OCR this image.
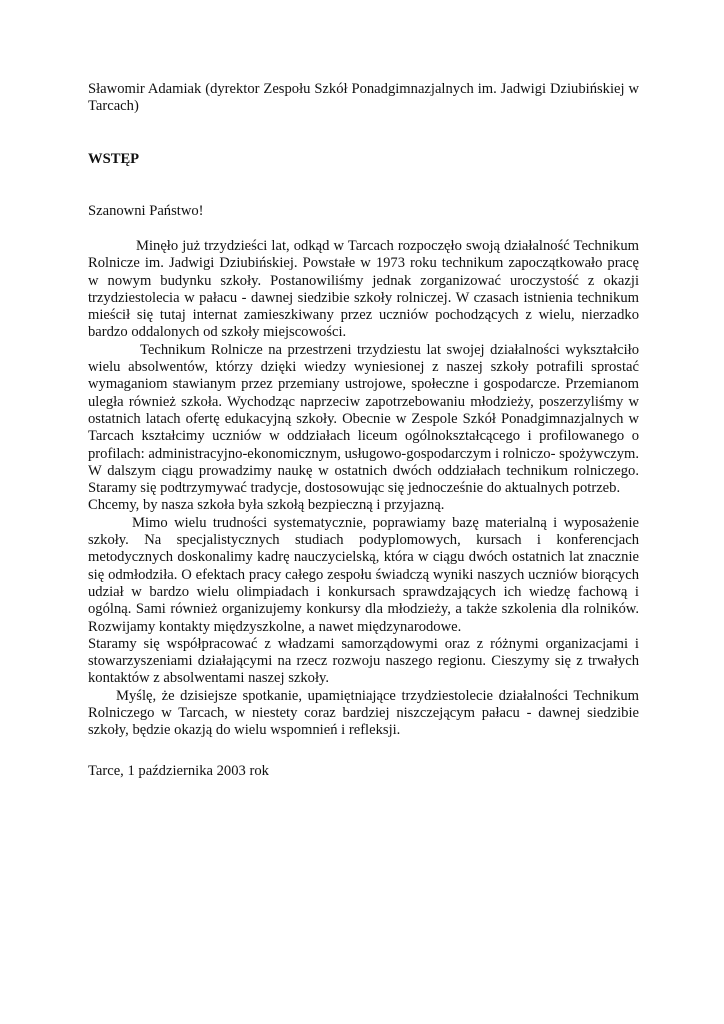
Sławomir Adamiak (dyrektor Zespołu Szkół Ponadgimnazjalnych im. Jadwigi Dziubińskiej w Tarcach)

WSTĘP

Szanowni Państwo!

Minęło już trzydzieści lat, odkąd w Tarcach rozpoczęło swoją działalność Technikum Rolnicze im. Jadwigi Dziubińskiej. Powstałe w 1973 roku technikum zapoczątkowało pracę w nowym budynku szkoły. Postanowiliśmy jednak zorganizować uroczystość z okazji trzydziestolecia w pałacu - dawnej siedzibie szkoły rolniczej. W czasach istnienia technikum mieścił się tutaj internat zamieszkiwany przez uczniów pochodzących z wielu, nierzadko bardzo oddalonych od szkoły miejscowości.

Technikum Rolnicze na przestrzeni trzydziestu lat swojej działalności wykształciło wielu absolwentów, którzy dzięki wiedzy wyniesionej z naszej szkoły potrafili sprostać wymaganiom stawianym przez przemiany ustrojowe, społeczne i gospodarcze. Przemianom uległa również szkoła. Wychodząc naprzeciw zapotrzebowaniu młodzieży, poszerzyliśmy w ostatnich latach ofertę edukacyjną szkoły. Obecnie w Zespole Szkół Ponadgimnazjalnych w Tarcach kształcimy uczniów w oddziałach liceum ogólnokształcącego i profilowanego o profilach: administracyjno-ekonomicznym, usługowo-gospodarczym i rolniczo- spożywczym. W dalszym ciągu prowadzimy naukę w ostatnich dwóch oddziałach technikum rolniczego. Staramy się podtrzymywać tradycje, dostosowując się jednocześnie do aktualnych potrzeb.

Chcemy, by nasza szkoła była szkołą bezpieczną i przyjazną.

Mimo wielu trudności systematycznie, poprawiamy bazę materialną i wyposażenie szkoły. Na specjalistycznych studiach podyplomowych, kursach i konferencjach metodycznych doskonalimy kadrę nauczycielską, która w ciągu dwóch ostatnich lat znacznie się odmłodziła. O efektach pracy całego zespołu świadczą wyniki naszych uczniów biorących udział w bardzo wielu olimpiadach i konkursach sprawdzających ich wiedzę fachową i ogólną. Sami również organizujemy konkursy dla młodzieży, a także szkolenia dla rolników. Rozwijamy kontakty międzyszkolne, a nawet międzynarodowe.

Staramy się współpracować z władzami samorządowymi oraz z różnymi organizacjami i stowarzyszeniami działającymi na rzecz rozwoju naszego regionu. Cieszymy się z trwałych kontaktów z absolwentami naszej szkoły.

Myślę, że dzisiejsze spotkanie, upamiętniające trzydziestolecie działalności Technikum Rolniczego w Tarcach, w niestety coraz bardziej niszczejącym pałacu - dawnej siedzibie szkoły, będzie okazją do wielu wspomnień i refleksji.

Tarce, 1 października 2003 rok
